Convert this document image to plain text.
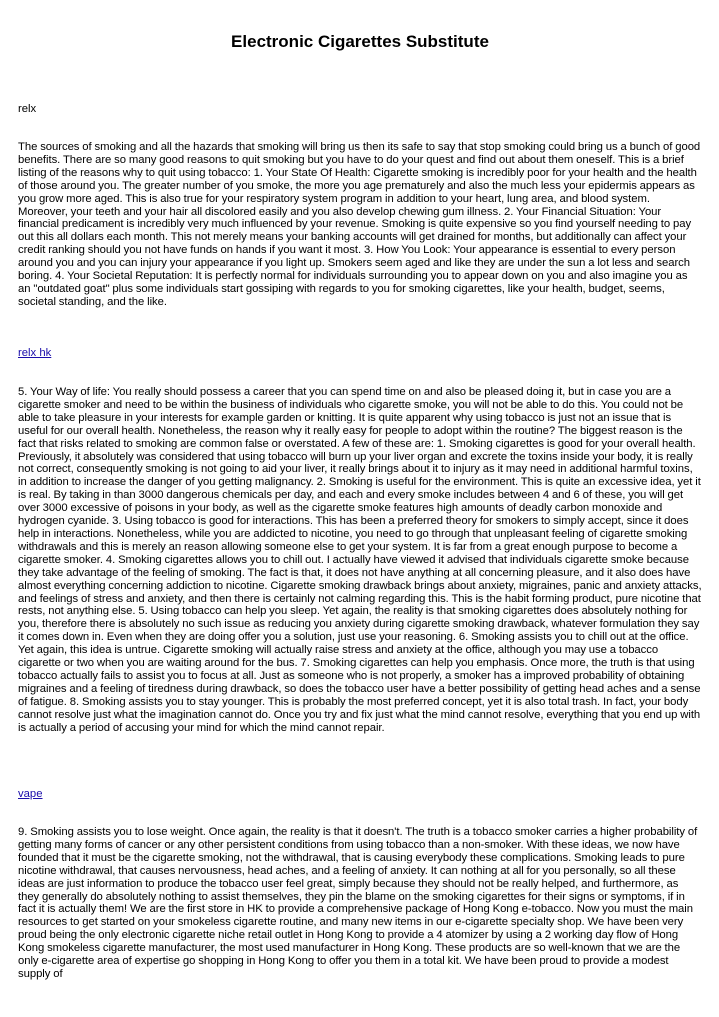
Electronic Cigarettes Substitute
relx

The sources of smoking and all the hazards that smoking will bring us then its safe to say that stop smoking could bring us a bunch of good benefits. There are so many good reasons to quit smoking but you have to do your quest and find out about them oneself. This is a brief listing of the reasons why to quit using tobacco: 1. Your State Of Health: Cigarette smoking is incredibly poor for your health and the health of those around you. The greater number of you smoke, the more you age prematurely and also the much less your epidermis appears as you grow more aged. This is also true for your respiratory system program in addition to your heart, lung area, and blood system. Moreover, your teeth and your hair all discolored easily and you also develop chewing gum illness. 2. Your Financial Situation: Your financial predicament is incredibly very much influenced by your revenue. Smoking is quite expensive so you find yourself needing to pay out this all dollars each month. This not merely means your banking accounts will get drained for months, but additionally can affect your credit ranking should you not have funds on hands if you want it most. 3. How You Look: Your appearance is essential to every person around you and you can injury your appearance if you light up. Smokers seem aged and like they are under the sun a lot less and search boring. 4. Your Societal Reputation: It is perfectly normal for individuals surrounding you to appear down on you and also imagine you as an "outdated goat" plus some individuals start gossiping with regards to you for smoking cigarettes, like your health, budget, seems, societal standing, and the like.

relx hk

5. Your Way of life: You really should possess a career that you can spend time on and also be pleased doing it, but in case you are a cigarette smoker and need to be within the business of individuals who cigarette smoke, you will not be able to do this. You could not be able to take pleasure in your interests for example garden or knitting. It is quite apparent why using tobacco is just not an issue that is useful for our overall health. Nonetheless, the reason why it really easy for people to adopt within the routine? The biggest reason is the fact that risks related to smoking are common false or overstated. A few of these are: 1. Smoking cigarettes is good for your overall health. Previously, it absolutely was considered that using tobacco will burn up your liver organ and excrete the toxins inside your body, it is really not correct, consequently smoking is not going to aid your liver, it really brings about it to injury as it may need in additional harmful toxins, in addition to increase the danger of you getting malignancy. 2. Smoking is useful for the environment. This is quite an excessive idea, yet it is real. By taking in than 3000 dangerous chemicals per day, and each and every smoke includes between 4 and 6 of these, you will get over 3000 excessive of poisons in your body, as well as the cigarette smoke features high amounts of deadly carbon monoxide and hydrogen cyanide. 3. Using tobacco is good for interactions. This has been a preferred theory for smokers to simply accept, since it does help in interactions. Nonetheless, while you are addicted to nicotine, you need to go through that unpleasant feeling of cigarette smoking withdrawals and this is merely an reason allowing someone else to get your system. It is far from a great enough purpose to become a cigarette smoker. 4. Smoking cigarettes allows you to chill out. I actually have viewed it advised that individuals cigarette smoke because they take advantage of the feeling of smoking. The fact is that, it does not have anything at all concerning pleasure, and it also does have almost everything concerning addiction to nicotine. Cigarette smoking drawback brings about anxiety, migraines, panic and anxiety attacks, and feelings of stress and anxiety, and then there is certainly not calming regarding this. This is the habit forming product, pure nicotine that rests, not anything else. 5. Using tobacco can help you sleep. Yet again, the reality is that smoking cigarettes does absolutely nothing for you, therefore there is absolutely no such issue as reducing you anxiety during cigarette smoking drawback, whatever formulation they say it comes down in. Even when they are doing offer you a solution, just use your reasoning. 6. Smoking assists you to chill out at the office. Yet again, this idea is untrue. Cigarette smoking will actually raise stress and anxiety at the office, although you may use a tobacco cigarette or two when you are waiting around for the bus. 7. Smoking cigarettes can help you emphasis. Once more, the truth is that using tobacco actually fails to assist you to focus at all. Just as someone who is not properly, a smoker has a improved probability of obtaining migraines and a feeling of tiredness during drawback, so does the tobacco user have a better possibility of getting head aches and a sense of fatigue. 8. Smoking assists you to stay younger. This is probably the most preferred concept, yet it is also total trash. In fact, your body cannot resolve just what the imagination cannot do. Once you try and fix just what the mind cannot resolve, everything that you end up with is actually a period of accusing your mind for which the mind cannot repair.

vape

9. Smoking assists you to lose weight. Once again, the reality is that it doesn't. The truth is a tobacco smoker carries a higher probability of getting many forms of cancer or any other persistent conditions from using tobacco than a non-smoker. With these ideas, we now have founded that it must be the cigarette smoking, not the withdrawal, that is causing everybody these complications. Smoking leads to pure nicotine withdrawal, that causes nervousness, head aches, and a feeling of anxiety. It can nothing at all for you personally, so all these ideas are just information to produce the tobacco user feel great, simply because they should not be really helped, and furthermore, as they generally do absolutely nothing to assist themselves, they pin the blame on the smoking cigarettes for their signs or symptoms, if in fact it is actually them! We are the first store in HK to provide a comprehensive package of Hong Kong e-tobacco. Now you must the main resources to get started on your smokeless cigarette routine, and many new items in our e-cigarette specialty shop. We have been very proud being the only electronic cigarette niche retail outlet in Hong Kong to provide a 4 atomizer by using a 2 working day flow of Hong Kong smokeless cigarette manufacturer, the most used manufacturer in Hong Kong. These products are so well-known that we are the only e-cigarette area of expertise go shopping in Hong Kong to offer you them in a total kit. We have been proud to provide a modest supply of
